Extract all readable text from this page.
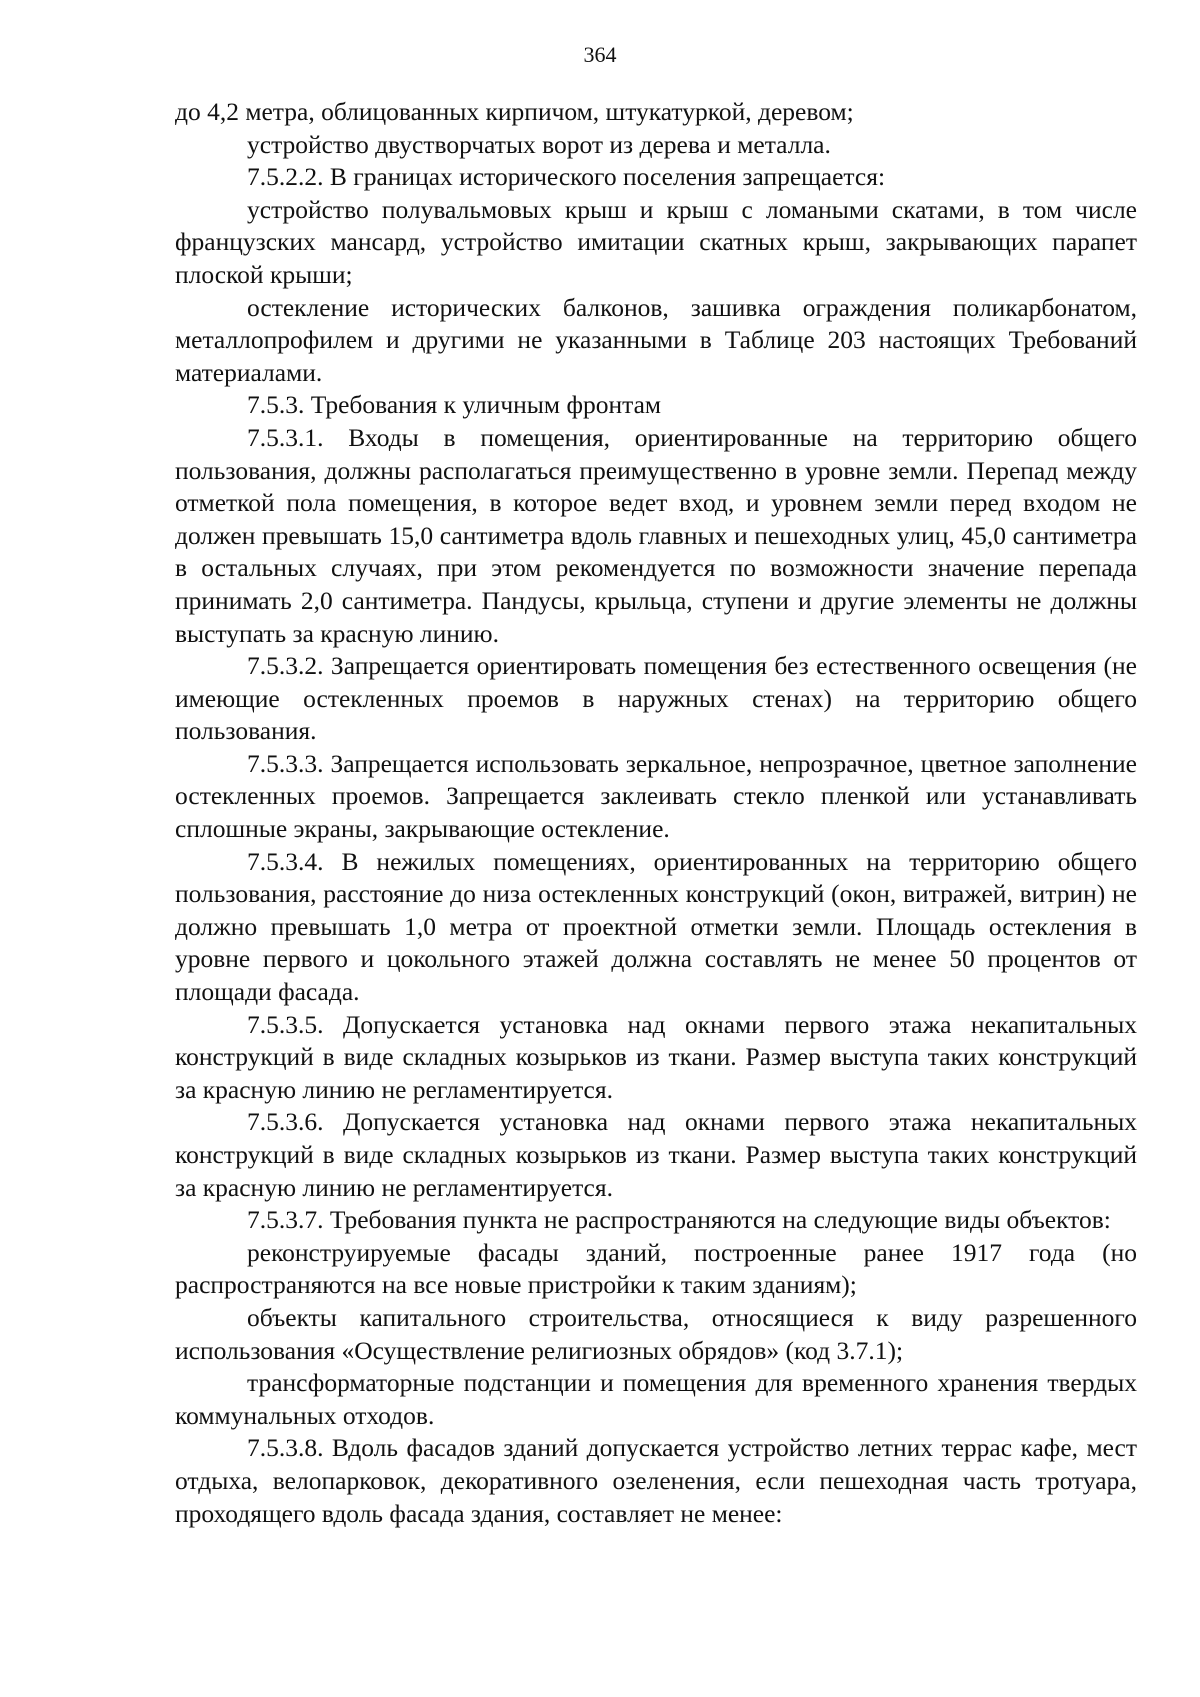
364

до 4,2 метра, облицованных кирпичом, штукатуркой, деревом;

устройство двустворчатых ворот из дерева и металла.

7.5.2.2. В границах исторического поселения запрещается:

устройство полувальмовых крыш и крыш с ломаными скатами, в том числе французских мансард, устройство имитации скатных крыш, закрывающих парапет плоской крыши;

остекление исторических балконов, зашивка ограждения поликарбонатом, металлопрофилем и другими не указанными в Таблице 203 настоящих Требований материалами.

7.5.3. Требования к уличным фронтам

7.5.3.1. Входы в помещения, ориентированные на территорию общего пользования, должны располагаться преимущественно в уровне земли. Перепад между отметкой пола помещения, в которое ведет вход, и уровнем земли перед входом не должен превышать 15,0 сантиметра вдоль главных и пешеходных улиц, 45,0 сантиметра в остальных случаях, при этом рекомендуется по возможности значение перепада принимать 2,0 сантиметра. Пандусы, крыльца, ступени и другие элементы не должны выступать за красную линию.

7.5.3.2. Запрещается ориентировать помещения без естественного освещения (не имеющие остекленных проемов в наружных стенах) на территорию общего пользования.

7.5.3.3. Запрещается использовать зеркальное, непрозрачное, цветное заполнение остекленных проемов. Запрещается заклеивать стекло пленкой или устанавливать сплошные экраны, закрывающие остекление.

7.5.3.4. В нежилых помещениях, ориентированных на территорию общего пользования, расстояние до низа остекленных конструкций (окон, витражей, витрин) не должно превышать 1,0 метра от проектной отметки земли. Площадь остекления в уровне первого и цокольного этажей должна составлять не менее 50 процентов от площади фасада.

7.5.3.5. Допускается установка над окнами первого этажа некапитальных конструкций в виде складных козырьков из ткани. Размер выступа таких конструкций за красную линию не регламентируется.

7.5.3.6. Допускается установка над окнами первого этажа некапитальных конструкций в виде складных козырьков из ткани. Размер выступа таких конструкций за красную линию не регламентируется.

7.5.3.7. Требования пункта не распространяются на следующие виды объектов:

реконструируемые фасады зданий, построенные ранее 1917 года (но распространяются на все новые пристройки к таким зданиям);

объекты капитального строительства, относящиеся к виду разрешенного использования «Осуществление религиозных обрядов» (код 3.7.1);

трансформаторные подстанции и помещения для временного хранения твердых коммунальных отходов.

7.5.3.8. Вдоль фасадов зданий допускается устройство летних террас кафе, мест отдыха, велопарковок, декоративного озеленения, если пешеходная часть тротуара, проходящего вдоль фасада здания, составляет не менее:
